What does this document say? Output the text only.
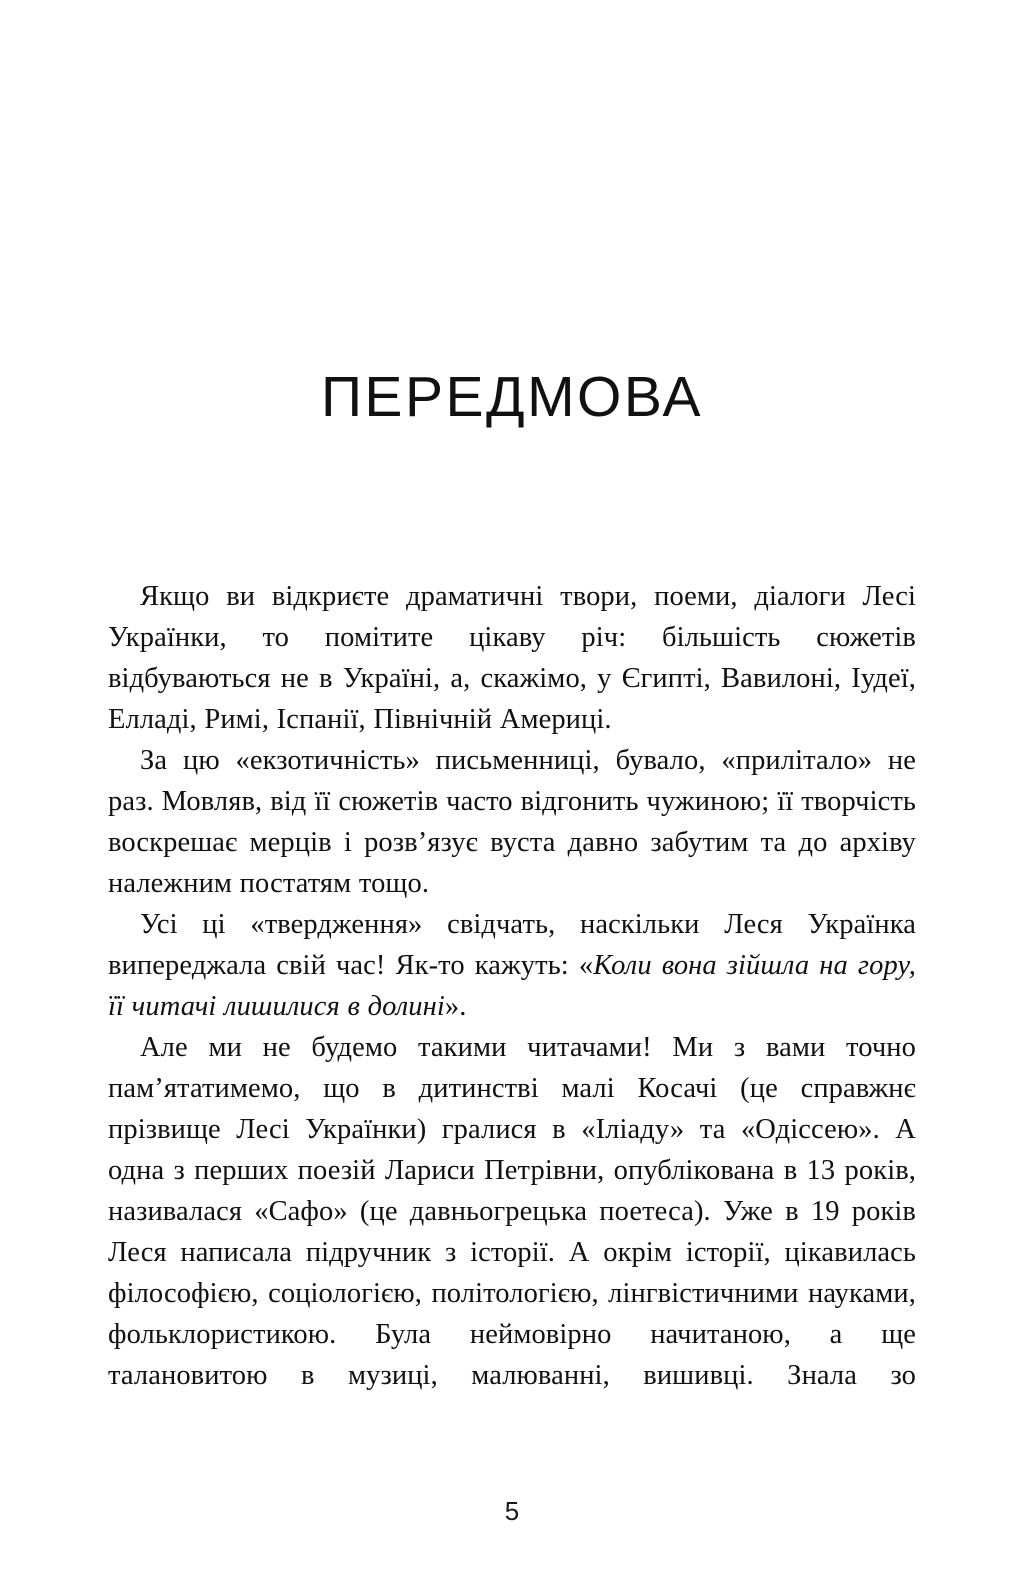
ПЕРЕДМОВА

Якщо ви відкриєте драматичні твори, поеми, діалоги Лесі Українки, то помітите цікаву річ: більшість сюжетів відбуваються не в Україні, а, скажімо, у Єгипті, Вавилоні, Іудеї, Елладі, Римі, Іспанії, Північній Америці.

За цю «екзотичність» письменниці, бувало, «прилітало» не раз. Мовляв, від її сюжетів часто відгонить чужиною; її творчість воскрешає мерців і розв’язує вуста давно забутим та до архіву належним постатям тощо.

Усі ці «твердження» свідчать, наскільки Леся Українка випереджала свій час! Як-то кажуть: «Коли вона зійшла на гору, її читачі лишилися в долині».

Але ми не будемо такими читачами! Ми з вами точно пам’ятатимемо, що в дитинстві малі Косачі (це справжнє прізвище Лесі Українки) гралися в «Іліаду» та «Одіссею». А одна з перших поезій Лариси Петрівни, опублікована в 13 років, називалася «Сафо» (це давньогрецька поетеса). Уже в 19 років Леся написала підручник з історії. А окрім історії, цікавилась філософією, соціологією, політологією, лінгвістичними науками, фольклористикою. Була неймовірно начитаною, а ще талановитою в музиці, малюванні, вишивці. Знала зо

5
